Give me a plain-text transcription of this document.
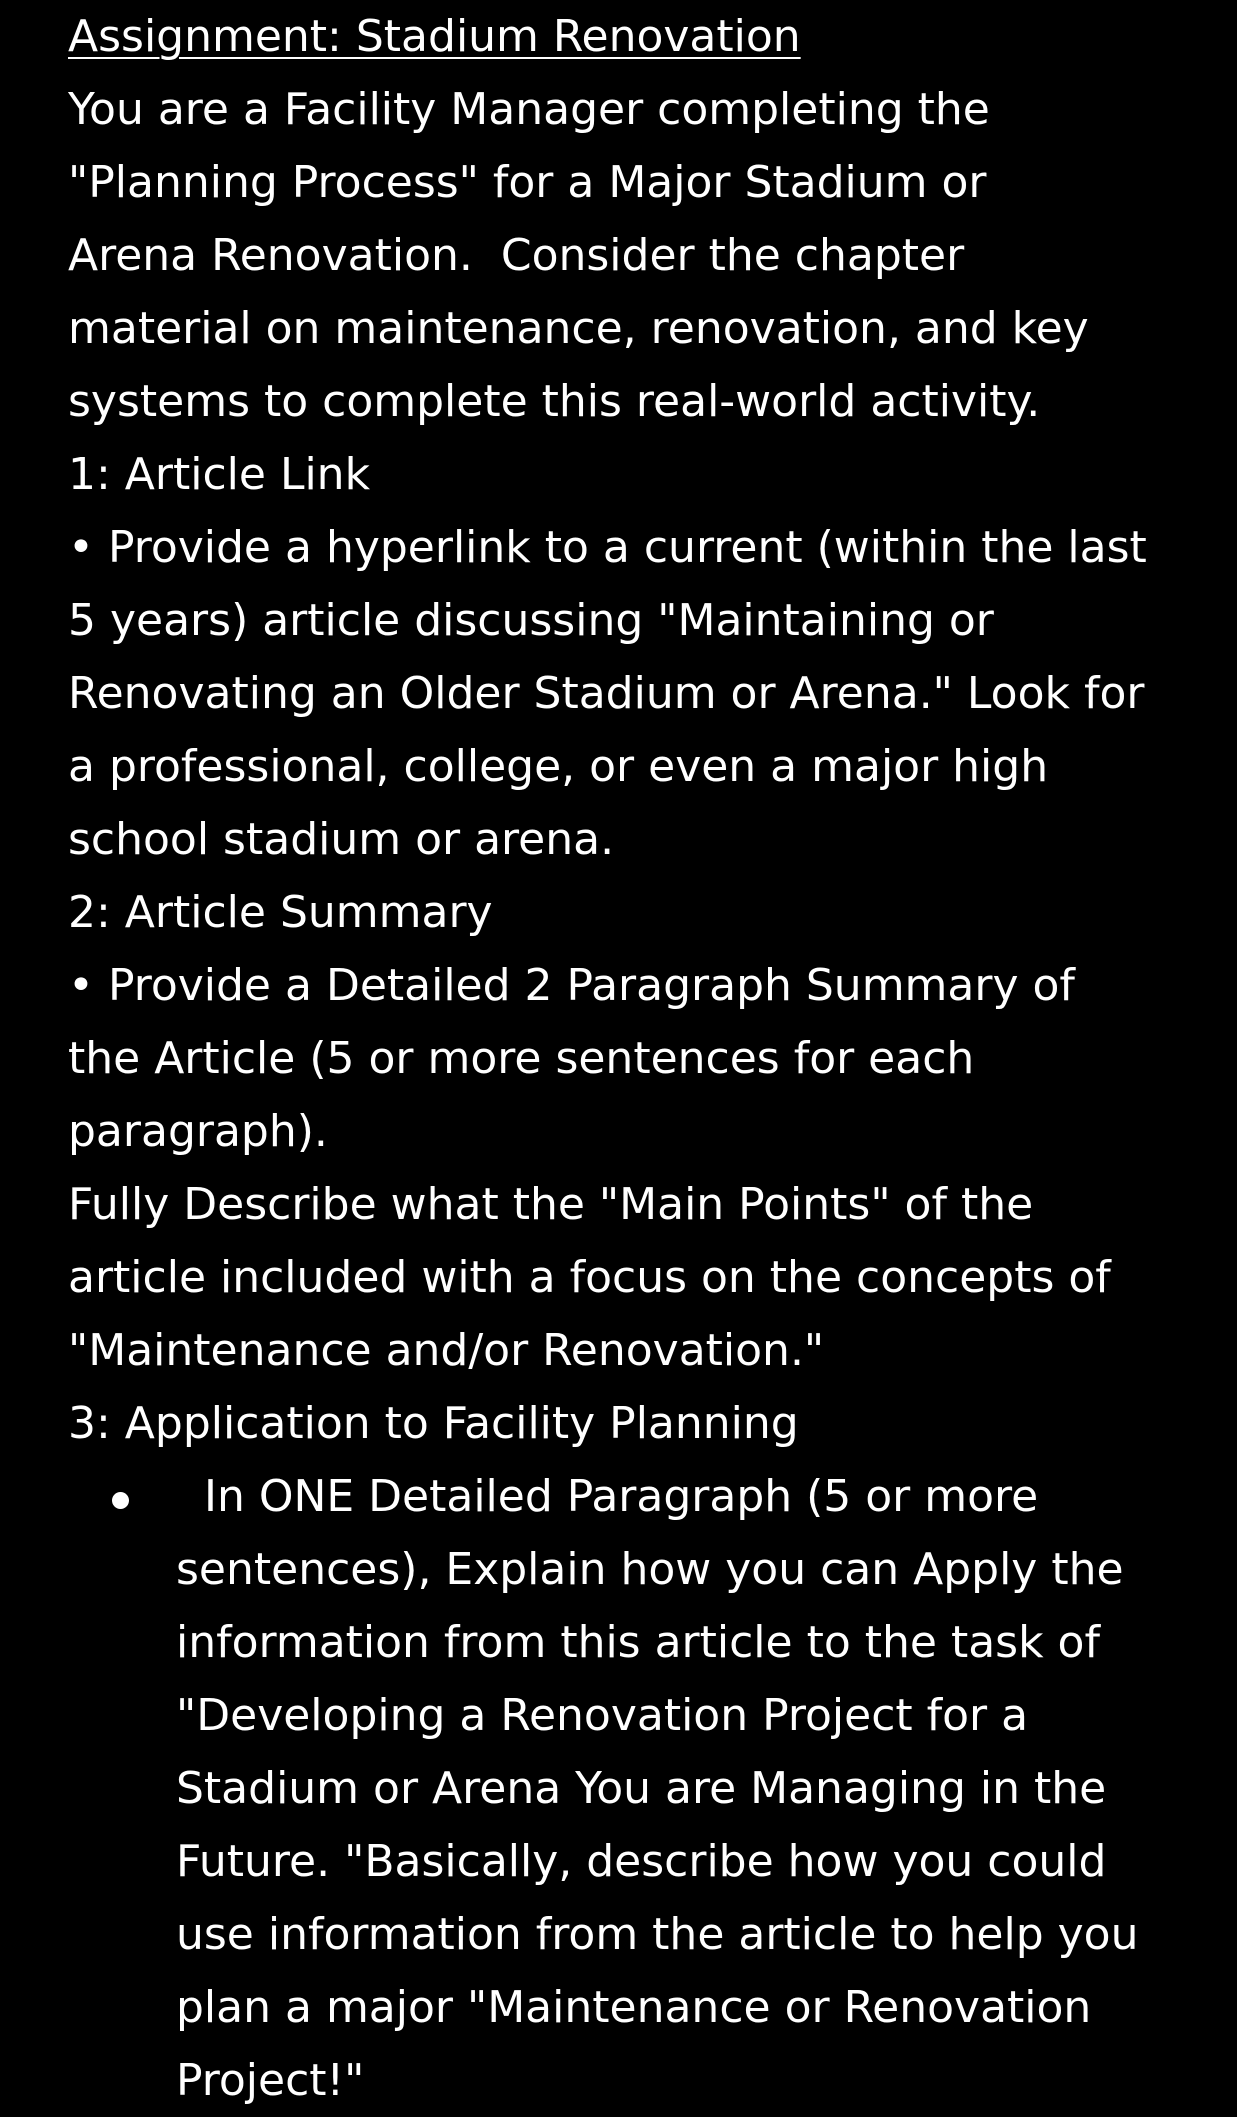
Assignment: Stadium Renovation
You are a Facility Manager completing the
"Planning Process" for a Major Stadium or
Arena Renovation.  Consider the chapter
material on maintenance, renovation, and key
systems to complete this real-world activity.
1: Article Link
• Provide a hyperlink to a current (within the last
5 years) article discussing "Maintaining or
Renovating an Older Stadium or Arena." Look for
a professional, college, or even a major high
school stadium or arena.
2: Article Summary
• Provide a Detailed 2 Paragraph Summary of
the Article (5 or more sentences for each
paragraph).
Fully Describe what the "Main Points" of the
article included with a focus on the concepts of
"Maintenance and/or Renovation."
3: Application to Facility Planning
In ONE Detailed Paragraph (5 or more
sentences), Explain how you can Apply the
information from this article to the task of
"Developing a Renovation Project for a
Stadium or Arena You are Managing in the
Future. "Basically, describe how you could
use information from the article to help you
plan a major "Maintenance or Renovation
Project!"
